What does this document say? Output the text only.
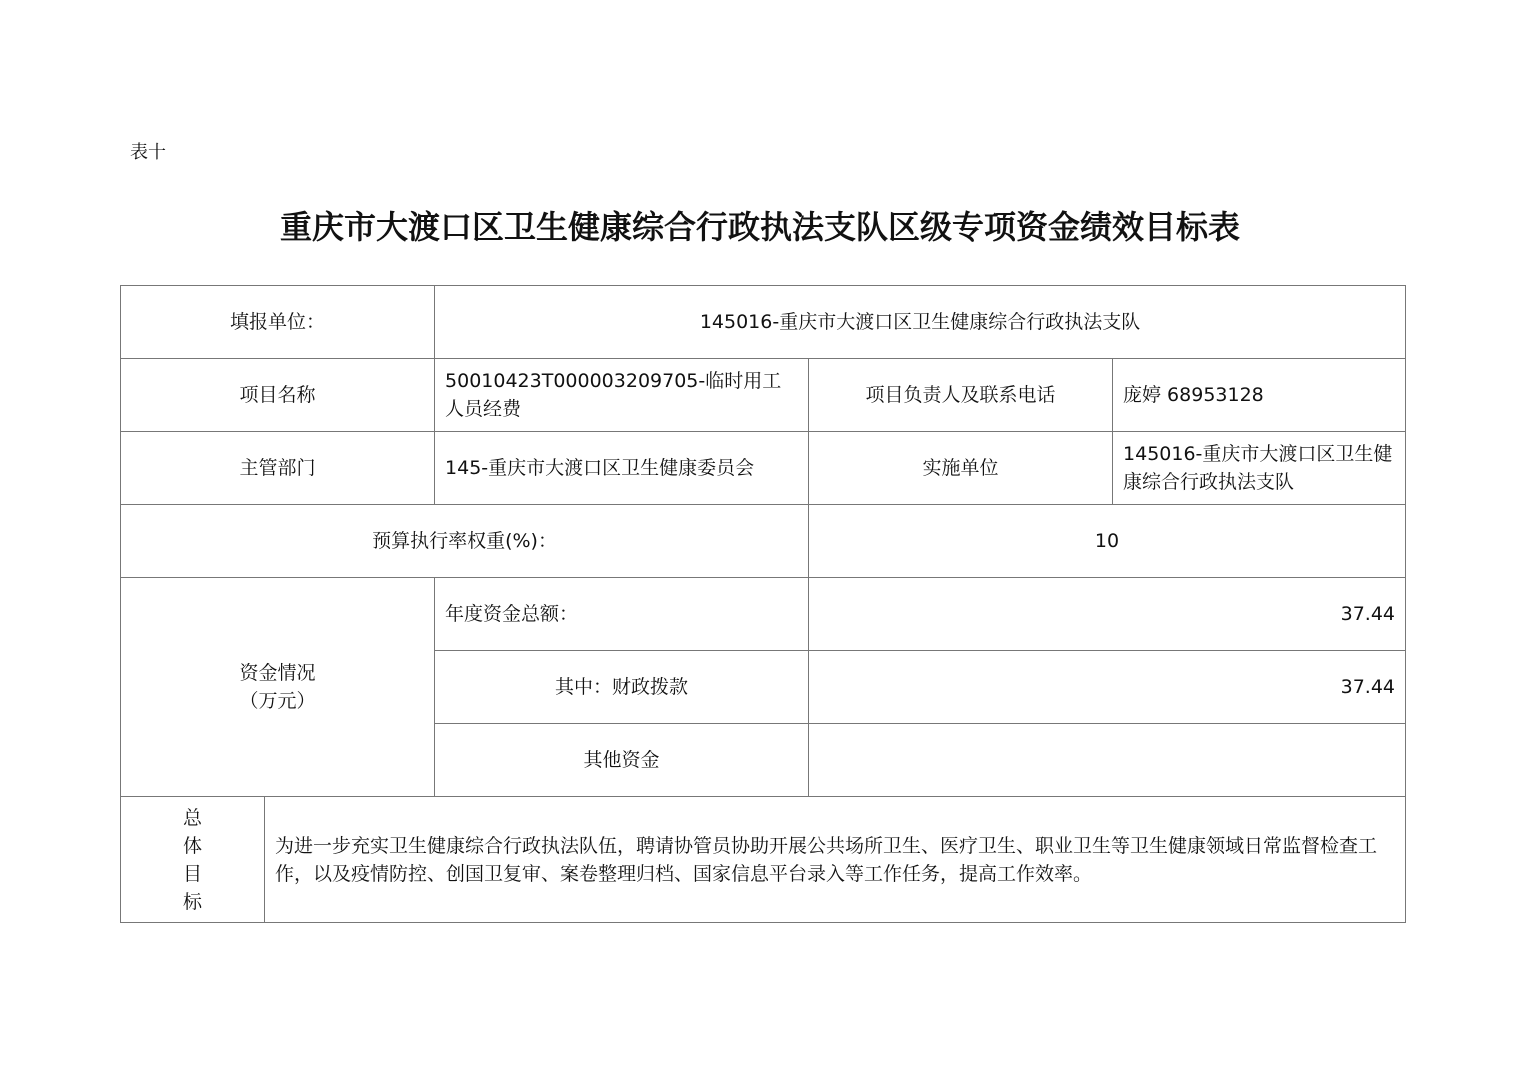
表十
重庆市大渡口区卫生健康综合行政执法支队区级专项资金绩效目标表
填报单位：		145016-重庆市大渡口区卫生健康综合行政执法支队		
项目名称		50010423T000003209705-临时用工人员经费	项目负责人及联系电话	庞婷 68953128
主管部门		145-重庆市大渡口区卫生健康委员会	实施单位	145016-重庆市大渡口区卫生健康综合行政执法支队
预算执行率权重(%)：			10	

资金情况
（万元）		年度资金总额：	37.44	
		其中：财政拨款	37.44	
		其他资金		

总
体
目
标	为进一步充实卫生健康综合行政执法队伍，聘请协管员协助开展公共场所卫生、医疗卫生、职业卫生等卫生健康领域日常监督检查工作，以及疫情防控、创国卫复审、案卷整理归档、国家信息平台录入等工作任务，提高工作效率。			
